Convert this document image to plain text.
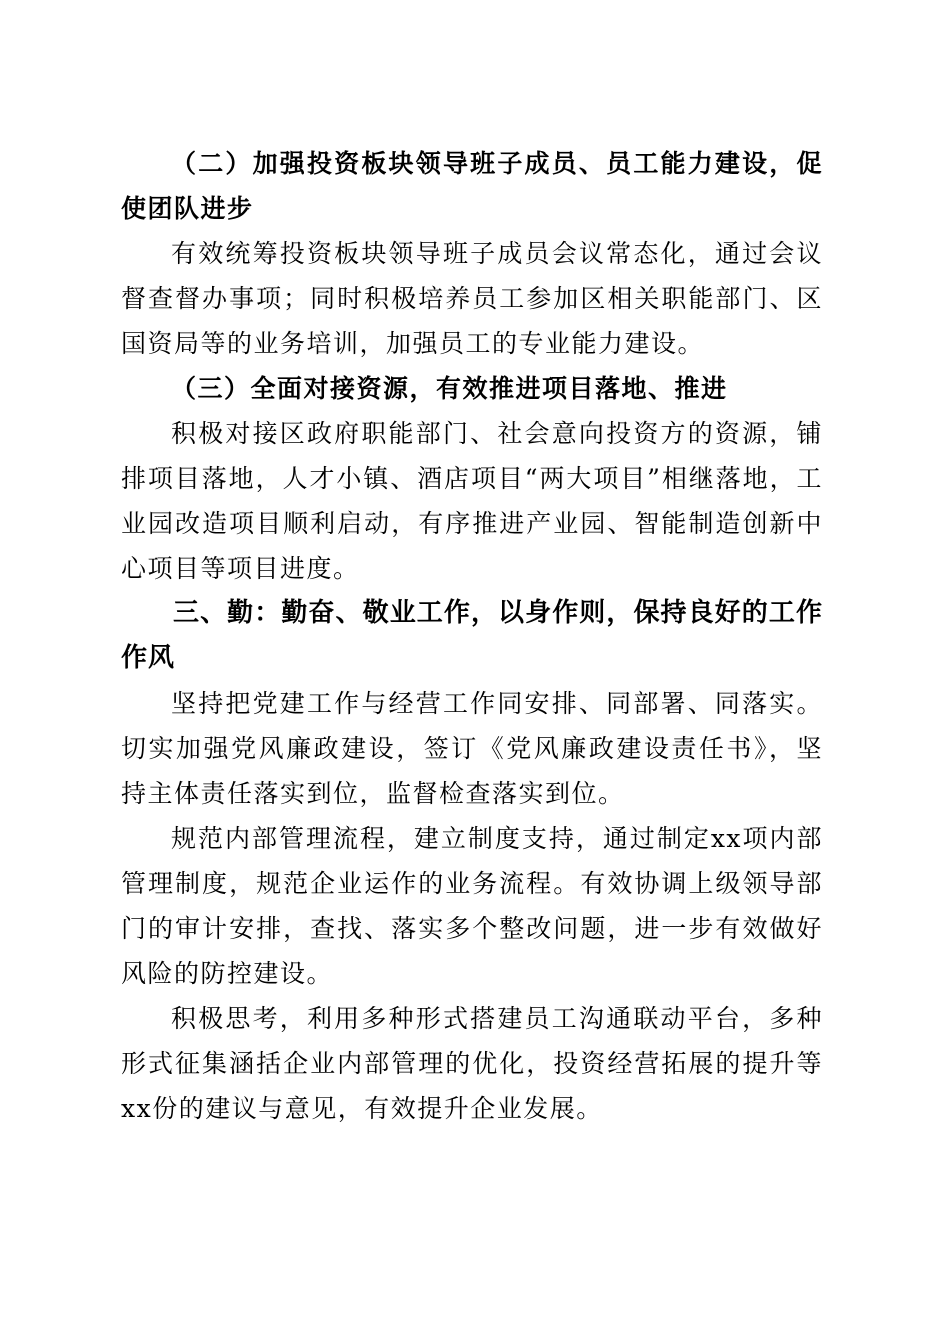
（二）加强投资板块领导班子成员、员工能力建设，促使团队进步

有效统筹投资板块领导班子成员会议常态化，通过会议督查督办事项；同时积极培养员工参加区相关职能部门、区国资局等的业务培训，加强员工的专业能力建设。

（三）全面对接资源，有效推进项目落地、推进

积极对接区政府职能部门、社会意向投资方的资源，铺排项目落地，人才小镇、酒店项目“两大项目”相继落地，工业园改造项目顺利启动，有序推进产业园、智能制造创新中心项目等项目进度。

三、勤：勤奋、敬业工作，以身作则，保持良好的工作作风

坚持把党建工作与经营工作同安排、同部署、同落实。切实加强党风廉政建设，签订《党风廉政建设责任书》，坚持主体责任落实到位，监督检查落实到位。

规范内部管理流程，建立制度支持，通过制定xx项内部管理制度，规范企业运作的业务流程。有效协调上级领导部门的审计安排，查找、落实多个整改问题，进一步有效做好风险的防控建设。

积极思考，利用多种形式搭建员工沟通联动平台，多种形式征集涵括企业内部管理的优化，投资经营拓展的提升等xx份的建议与意见，有效提升企业发展。
